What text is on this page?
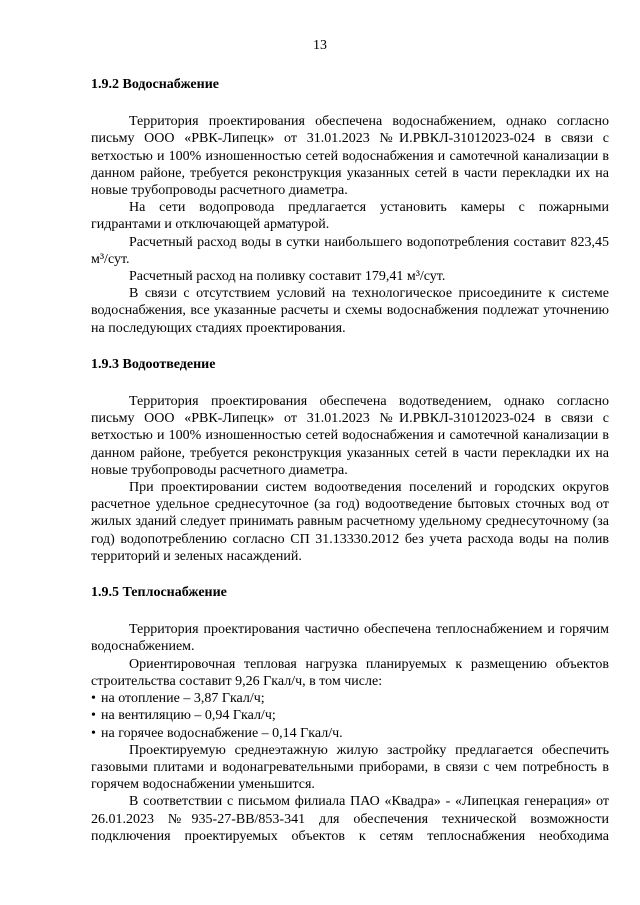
13
1.9.2 Водоснабжение

Территория проектирования обеспечена водоснабжением, однако согласно письму ООО «РВК-Липецк» от 31.01.2023 №И.РВКЛ-31012023-024 в связи с ветхостью и 100% изношенностью сетей водоснабжения и самотечной канализации в данном районе, требуется реконструкция указанных сетей в части перекладки их на новые трубопроводы расчетного диаметра.

На сети водопровода предлагается установить камеры с пожарными гидрантами и отключающей арматурой.

Расчетный расход воды в сутки наибольшего водопотребления составит 823,45 м³/сут.

Расчетный расход на поливку составит 179,41 м³/сут.

В связи с отсутствием условий на технологическое присоедините к системе водоснабжения, все указанные расчеты и схемы водоснабжения подлежат уточнению на последующих стадиях проектирования.

1.9.3 Водоотведение

Территория проектирования обеспечена водотведением, однако согласно письму ООО «РВК-Липецк» от 31.01.2023 №И.РВКЛ-31012023-024 в связи с ветхостью и 100% изношенностью сетей водоснабжения и самотечной канализации в данном районе, требуется реконструкция указанных сетей в части перекладки их на новые трубопроводы расчетного диаметра.

При проектировании систем водоотведения поселений и городских округов расчетное удельное среднесуточное (за год) водоотведение бытовых сточных вод от жилых зданий следует принимать равным расчетному удельному среднесуточному (за год) водопотреблению согласно СП 31.13330.2012 без учета расхода воды на полив территорий и зеленых насаждений.

1.9.5 Теплоснабжение

Территория проектирования частично обеспечена теплоснабжением и горячим водоснабжением.

Ориентировочная тепловая нагрузка планируемых к размещению объектов строительства составит 9,26 Гкал/ч, в том числе:

• на отопление – 3,87 Гкал/ч;
• на вентиляцию – 0,94 Гкал/ч;
• на горячее водоснабжение – 0,14 Гкал/ч.

Проектируемую среднеэтажную жилую застройку предлагается обеспечить газовыми плитами и водонагревательными приборами, в связи с чем потребность в горячем водоснабжении уменьшится.

В соответствии с письмом филиала ПАО «Квадра» - «Липецкая генерация» от 26.01.2023 №935-27-ВВ/853-341 для обеспечения технической возможности подключения проектируемых объектов к сетям теплоснабжения необходима
